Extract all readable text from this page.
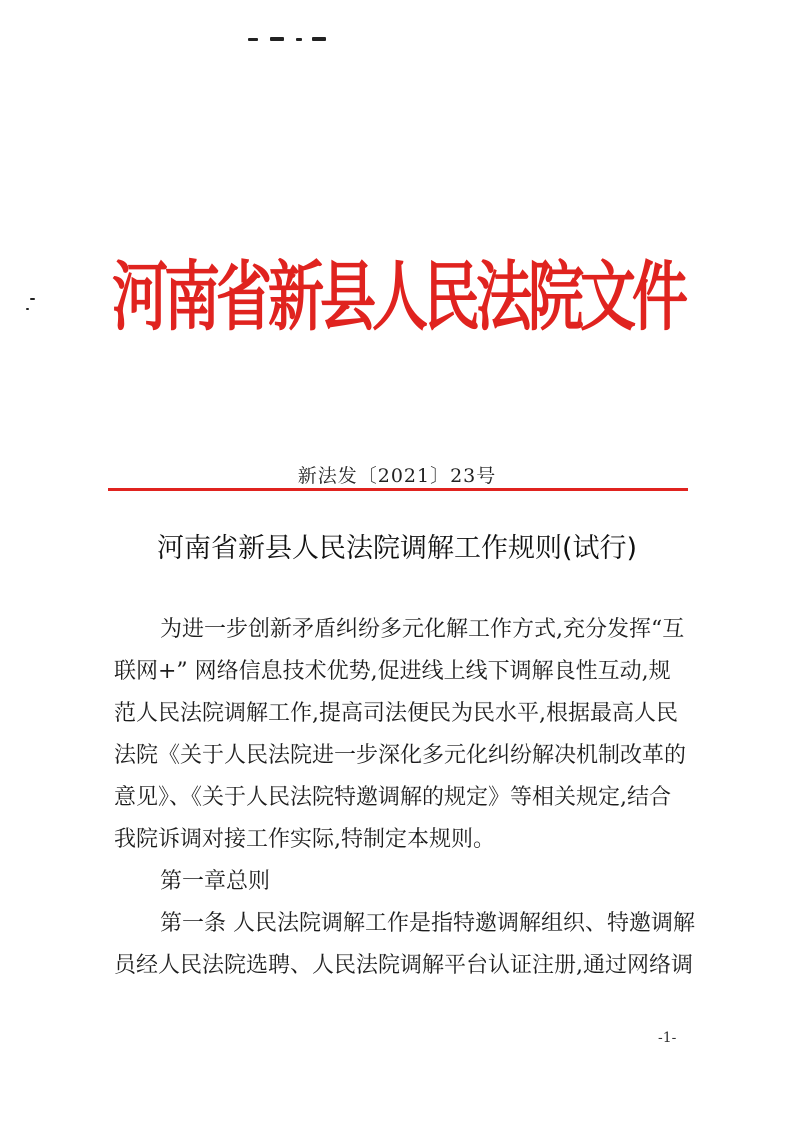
河南省新县人民法院文件
新法发〔2021〕23号
河南省新县人民法院调解工作规则(试行)
为进一步创新矛盾纠纷多元化解工作方式,充分发挥“互
联网+” 网络信息技术优势,促进线上线下调解良性互动,规
范人民法院调解工作,提高司法便民为民水平,根据最高人民
法院《关于人民法院进一步深化多元化纠纷解决机制改革的
意见》、《关于人民法院特邀调解的规定》等相关规定,结合
我院诉调对接工作实际,特制定本规则。
第一章总则
第一条 人民法院调解工作是指特邀调解组织、特邀调解
员经人民法院选聘、人民法院调解平台认证注册,通过网络调
-1-
